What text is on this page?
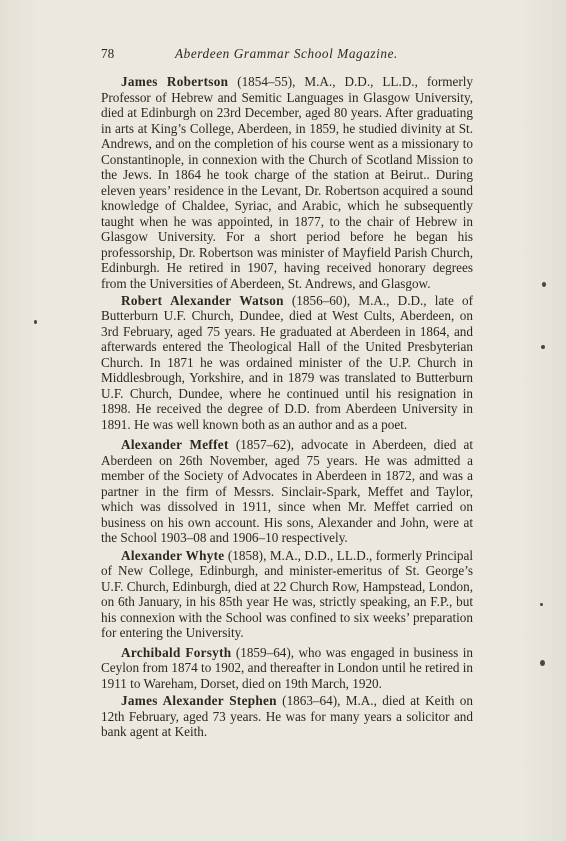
78	Aberdeen Grammar School Magazine.

James Robertson (1854–55), M.A., D.D., LL.D., formerly Professor of Hebrew and Semitic Languages in Glasgow University, died at Edinburgh on 23rd December, aged 80 years. After graduating in arts at King’s College, Aberdeen, in 1859, he studied divinity at St. Andrews, and on the completion of his course went as a missionary to Constantinople, in connexion with the Church of Scotland Mission to the Jews. In 1864 he took charge of the station at Beirut.. During eleven years’ residence in the Levant, Dr. Robertson acquired a sound knowledge of Chaldee, Syriac, and Arabic, which he subsequently taught when he was appointed, in 1877, to the chair of Hebrew in Glasgow University. For a short period before he began his professorship, Dr. Robertson was minister of Mayfield Parish Church, Edinburgh. He retired in 1907, having received honorary degrees from the Universities of Aberdeen, St. Andrews, and Glasgow.

Robert Alexander Watson (1856–60), M.A., D.D., late of Butterburn U.F. Church, Dundee, died at West Cults, Aberdeen, on 3rd February, aged 75 years. He graduated at Aberdeen in 1864, and afterwards entered the Theological Hall of the United Presbyterian Church. In 1871 he was ordained minister of the U.P. Church in Middlesbrough, Yorkshire, and in 1879 was translated to Butterburn U.F. Church, Dundee, where he continued until his resignation in 1898. He received the degree of D.D. from Aberdeen University in 1891. He was well known both as an author and as a poet.

Alexander Meffet (1857–62), advocate in Aberdeen, died at Aberdeen on 26th November, aged 75 years. He was admitted a member of the Society of Advocates in Aberdeen in 1872, and was a partner in the firm of Messrs. Sinclair-Spark, Meffet and Taylor, which was dissolved in 1911, since when Mr. Meffet carried on business on his own account. His sons, Alexander and John, were at the School 1903–08 and 1906–10 respectively.

Alexander Whyte (1858), M.A., D.D., LL.D., formerly Principal of New College, Edinburgh, and minister-emeritus of St. George’s U.F. Church, Edinburgh, died at 22 Church Row, Hampstead, London, on 6th January, in his 85th year He was, strictly speaking, an F.P., but his connexion with the School was confined to six weeks’ preparation for entering the University.

Archibald Forsyth (1859–64), who was engaged in business in Ceylon from 1874 to 1902, and thereafter in London until he retired in 1911 to Wareham, Dorset, died on 19th March, 1920.

James Alexander Stephen (1863–64), M.A., died at Keith on 12th February, aged 73 years. He was for many years a solicitor and bank agent at Keith.
